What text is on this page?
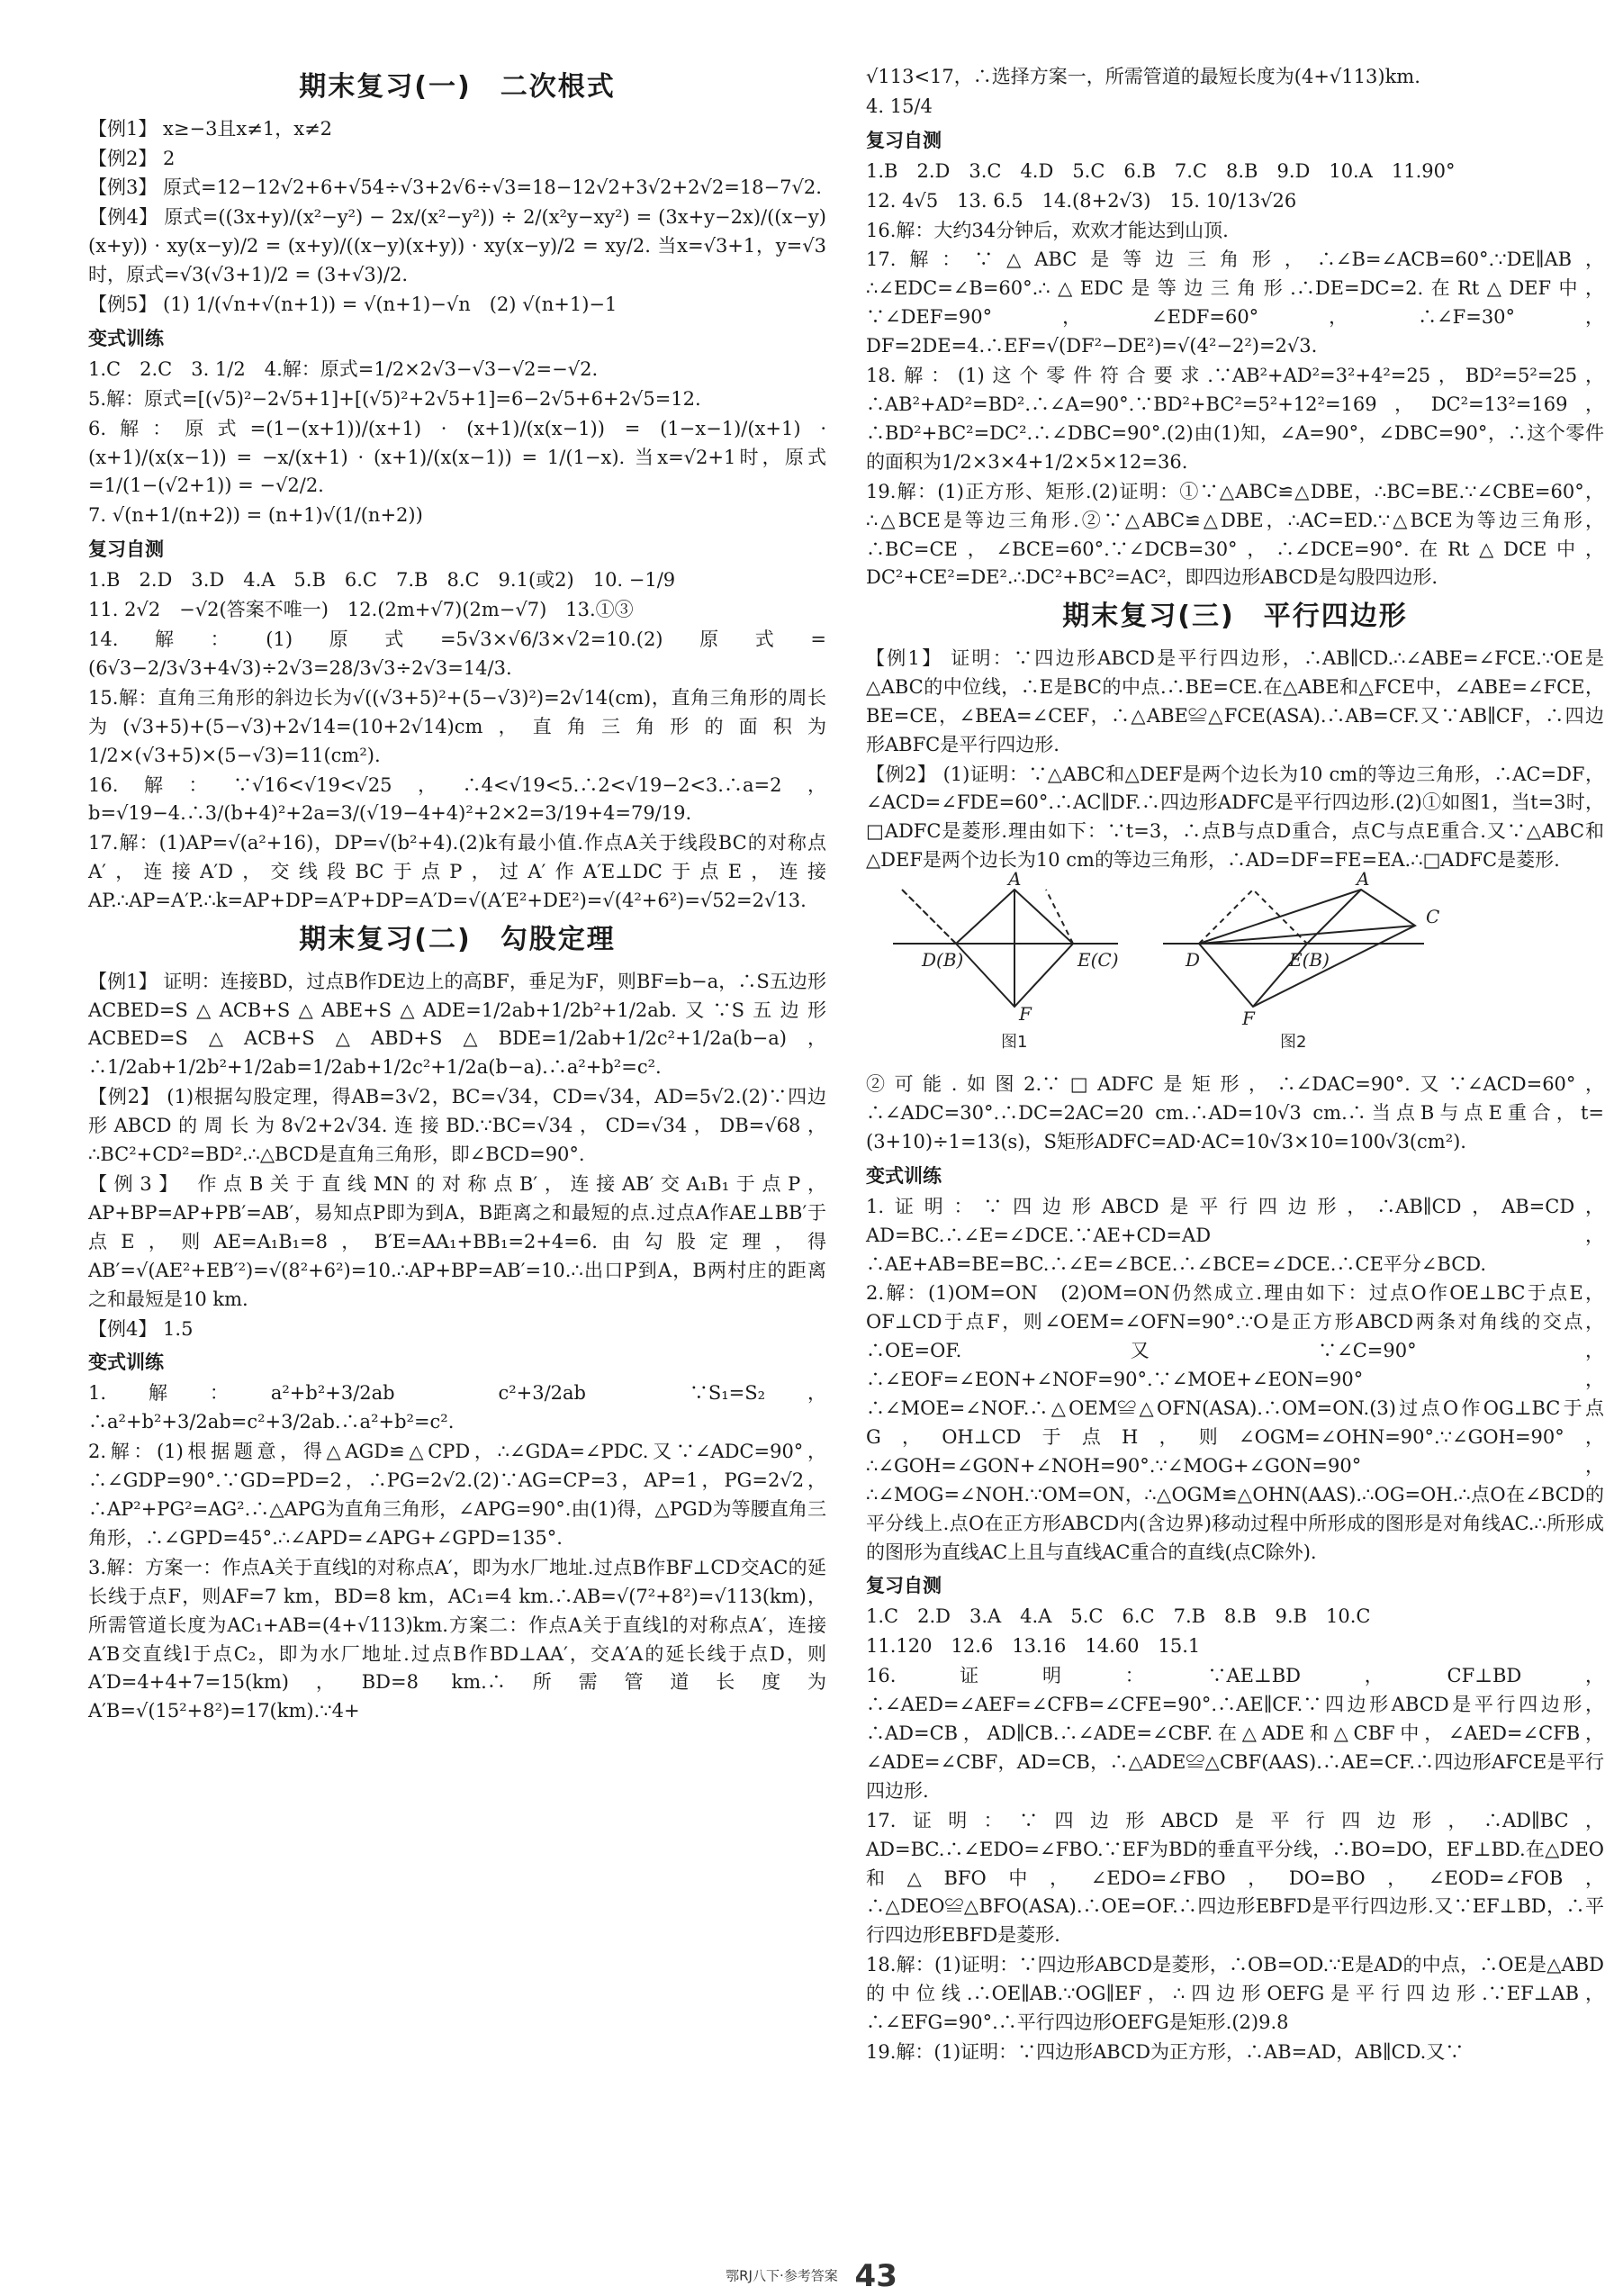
期末复习(一)　二次根式

【例1】 x≥−3且x≠1，x≠2

【例2】 2

【例3】 原式=12−12√2+6+√54÷√3+2√6÷√3=18−12√2+3√2+2√2=18−7√2.

【例4】 原式=((3x+y)/(x²−y²) − 2x/(x²−y²)) ÷ 2/(x²y−xy²) = (3x+y−2x)/((x−y)(x+y)) · xy(x−y)/2 = (x+y)/((x−y)(x+y)) · xy(x−y)/2 = xy/2. 当x=√3+1，y=√3时，原式=√3(√3+1)/2 = (3+√3)/2.

【例5】 (1) 1/(√n+√(n+1)) = √(n+1)−√n　(2) √(n+1)−1

变式训练

1.C　2.C　3. 1/2　4.解：原式=1/2×2√3−√3−√2=−√2.

5.解：原式=[(√5)²−2√5+1]+[(√5)²+2√5+1]=6−2√5+6+2√5=12.

6.解：原式=(1−(x+1))/(x+1) · (x+1)/(x(x−1)) = (1−x−1)/(x+1) · (x+1)/(x(x−1)) = −x/(x+1) · (x+1)/(x(x−1)) = 1/(1−x). 当x=√2+1时，原式=1/(1−(√2+1)) = −√2/2.

7. √(n+1/(n+2)) = (n+1)√(1/(n+2))

复习自测

1.B　2.D　3.D　4.A　5.B　6.C　7.B　8.C　9.1(或2)　10. −1/9

11. 2√2　−√2(答案不唯一)　12.(2m+√7)(2m−√7)　13.①③

14.解：(1)原式=5√3×√6/3×√2=10.(2)原式=(6√3−2/3√3+4√3)÷2√3=28/3√3÷2√3=14/3.

15.解：直角三角形的斜边长为√((√3+5)²+(5−√3)²)=2√14(cm)，直角三角形的周长为(√3+5)+(5−√3)+2√14=(10+2√14)cm，直角三角形的面积为1/2×(√3+5)×(5−√3)=11(cm²).

16.解：∵√16<√19<√25，∴4<√19<5.∴2<√19−2<3.∴a=2，b=√19−4.∴3/(b+4)²+2a=3/(√19−4+4)²+2×2=3/19+4=79/19.

17.解：(1)AP=√(a²+16)，DP=√(b²+4).(2)k有最小值.作点A关于线段BC的对称点A′，连接A′D，交线段BC于点P，过A′作A′E⊥DC于点E，连接AP.∴AP=A′P.∴k=AP+DP=A′P+DP=A′D=√(A′E²+DE²)=√(4²+6²)=√52=2√13.

期末复习(二)　勾股定理

【例1】 证明：连接BD，过点B作DE边上的高BF，垂足为F，则BF=b−a，∴S五边形ACBED=S△ACB+S△ABE+S△ADE=1/2ab+1/2b²+1/2ab.又∵S五边形ACBED=S△ACB+S△ABD+S△BDE=1/2ab+1/2c²+1/2a(b−a)，∴1/2ab+1/2b²+1/2ab=1/2ab+1/2c²+1/2a(b−a).∴a²+b²=c².

【例2】 (1)根据勾股定理，得AB=3√2，BC=√34，CD=√34，AD=5√2.(2)∵四边形ABCD的周长为8√2+2√34.连接BD.∵BC=√34，CD=√34，DB=√68，∴BC²+CD²=BD².∴△BCD是直角三角形，即∠BCD=90°.

【例3】 作点B关于直线MN的对称点B′，连接AB′交A₁B₁于点P，AP+BP=AP+PB′=AB′，易知点P即为到A，B距离之和最短的点.过点A作AE⊥BB′于点E，则AE=A₁B₁=8，B′E=AA₁+BB₁=2+4=6.由勾股定理，得AB′=√(AE²+EB′²)=√(8²+6²)=10.∴AP+BP=AB′=10.∴出口P到A，B两村庄的距离之和最短是10 km.

【例4】 1.5

变式训练

1.解：a²+b²+3/2ab　c²+3/2ab　∵S₁=S₂，∴a²+b²+3/2ab=c²+3/2ab.∴a²+b²=c².

2.解：(1)根据题意，得△AGD≌△CPD，∴∠GDA=∠PDC.又∵∠ADC=90°，∴∠GDP=90°.∵GD=PD=2，∴PG=2√2.(2)∵AG=CP=3，AP=1，PG=2√2，∴AP²+PG²=AG².∴△APG为直角三角形，∠APG=90°.由(1)得，△PGD为等腰直角三角形，∴∠GPD=45°.∴∠APD=∠APG+∠GPD=135°.

3.解：方案一：作点A关于直线l的对称点A′，即为水厂地址.过点B作BF⊥CD交AC的延长线于点F，则AF=7 km，BD=8 km，AC₁=4 km.∴AB=√(7²+8²)=√113(km)，所需管道长度为AC₁+AB=(4+√113)km.方案二：作点A关于直线l的对称点A′，连接A′B交直线l于点C₂，即为水厂地址.过点B作BD⊥AA′，交A′A的延长线于点D，则A′D=4+4+7=15(km)，BD=8 km.∴所需管道长度为A′B=√(15²+8²)=17(km).∵4+

√113<17，∴选择方案一，所需管道的最短长度为(4+√113)km.

4. 15/4

复习自测

1.B　2.D　3.C　4.D　5.C　6.B　7.C　8.B　9.D　10.A　11.90°

12. 4√5　13. 6.5　14.(8+2√3)　15. 10/13√26

16.解：大约34分钟后，欢欢才能达到山顶.

17.解：∵△ABC是等边三角形，∴∠B=∠ACB=60°.∵DE∥AB，∴∠EDC=∠B=60°.∴△EDC是等边三角形.∴DE=DC=2.在Rt△DEF中，∵∠DEF=90°，∠EDF=60°，∴∠F=30°，DF=2DE=4.∴EF=√(DF²−DE²)=√(4²−2²)=2√3.

18.解：(1)这个零件符合要求.∵AB²+AD²=3²+4²=25，BD²=5²=25，∴AB²+AD²=BD².∴∠A=90°.∵BD²+BC²=5²+12²=169，DC²=13²=169，∴BD²+BC²=DC².∴∠DBC=90°.(2)由(1)知，∠A=90°，∠DBC=90°，∴这个零件的面积为1/2×3×4+1/2×5×12=36.

19.解：(1)正方形、矩形.(2)证明：①∵△ABC≌△DBE，∴BC=BE.∵∠CBE=60°，∴△BCE是等边三角形.②∵△ABC≌△DBE，∴AC=ED.∵△BCE为等边三角形，∴BC=CE，∠BCE=60°.∵∠DCB=30°，∴∠DCE=90°.在Rt△DCE中，DC²+CE²=DE².∴DC²+BC²=AC²，即四边形ABCD是勾股四边形.

期末复习(三)　平行四边形

【例1】 证明：∵四边形ABCD是平行四边形，∴AB∥CD.∴∠ABE=∠FCE.∵OE是△ABC的中位线，∴E是BC的中点.∴BE=CE.在△ABE和△FCE中，∠ABE=∠FCE，BE=CE，∠BEA=∠CEF，∴△ABE≌△FCE(ASA).∴AB=CF.又∵AB∥CF，∴四边形ABFC是平行四边形.

【例2】 (1)证明：∵△ABC和△DEF是两个边长为10 cm的等边三角形，∴AC=DF，∠ACD=∠FDE=60°.∴AC∥DF.∴四边形ADFC是平行四边形.(2)①如图1，当t=3时，□ADFC是菱形.理由如下：∵t=3，∴点B与点D重合，点C与点E重合.又∵△ABC和△DEF是两个边长为10 cm的等边三角形，∴AD=DF=FE=EA.∴□ADFC是菱形.

A
D(B)	E(C)
F
A
C
D	E(B)
F
图1	图2

②可能.如图2.∵□ADFC是矩形，∴∠DAC=90°.又∵∠ACD=60°，∴∠ADC=30°.∴DC=2AC=20 cm.∴AD=10√3 cm.∴当点B与点E重合，t=(3+10)÷1=13(s)，S矩形ADFC=AD·AC=10√3×10=100√3(cm²).

变式训练

1.证明：∵四边形ABCD是平行四边形，∴AB∥CD，AB=CD，AD=BC.∴∠E=∠DCE.∵AE+CD=AD，∴AE+AB=BE=BC.∴∠E=∠BCE.∴∠BCE=∠DCE.∴CE平分∠BCD.

2.解：(1)OM=ON　(2)OM=ON仍然成立.理由如下：过点O作OE⊥BC于点E，OF⊥CD于点F，则∠OEM=∠OFN=90°.∵O是正方形ABCD两条对角线的交点，∴OE=OF.又∵∠C=90°，∴∠EOF=∠EON+∠NOF=90°.∵∠MOE+∠EON=90°，∴∠MOE=∠NOF.∴△OEM≌△OFN(ASA).∴OM=ON.(3)过点O作OG⊥BC于点G，OH⊥CD于点H，则∠OGM=∠OHN=90°.∵∠GOH=90°，∴∠GOH=∠GON+∠NOH=90°.∵∠MOG+∠GON=90°，∴∠MOG=∠NOH.∵OM=ON，∴△OGM≌△OHN(AAS).∴OG=OH.∴点O在∠BCD的平分线上.点O在正方形ABCD内(含边界)移动过程中所形成的图形是对角线AC.∴所形成的图形为直线AC上且与直线AC重合的直线(点C除外).

复习自测

1.C　2.D　3.A　4.A　5.C　6.C　7.B　8.B　9.B　10.C

11.120　12.6　13.16　14.60　15.1

16.证明：∵AE⊥BD，CF⊥BD，∴∠AED=∠AEF=∠CFB=∠CFE=90°.∴AE∥CF.∵四边形ABCD是平行四边形，∴AD=CB，AD∥CB.∴∠ADE=∠CBF.在△ADE和△CBF中，∠AED=∠CFB，∠ADE=∠CBF，AD=CB，∴△ADE≌△CBF(AAS).∴AE=CF.∴四边形AFCE是平行四边形.

17.证明：∵四边形ABCD是平行四边形，∴AD∥BC，AD=BC.∴∠EDO=∠FBO.∵EF为BD的垂直平分线，∴BO=DO，EF⊥BD.在△DEO和△BFO中，∠EDO=∠FBO，DO=BO，∠EOD=∠FOB，∴△DEO≌△BFO(ASA).∴OE=OF.∴四边形EBFD是平行四边形.又∵EF⊥BD，∴平行四边形EBFD是菱形.

18.解：(1)证明：∵四边形ABCD是菱形，∴OB=OD.∵E是AD的中点，∴OE是△ABD的中位线.∴OE∥AB.∵OG∥EF，∴四边形OEFG是平行四边形.∵EF⊥AB，∴∠EFG=90°.∴平行四边形OEFG是矩形.(2)9.8

19.解：(1)证明：∵四边形ABCD为正方形，∴AB=AD，AB∥CD.又∵

鄂RJ八下·参考答案 43
